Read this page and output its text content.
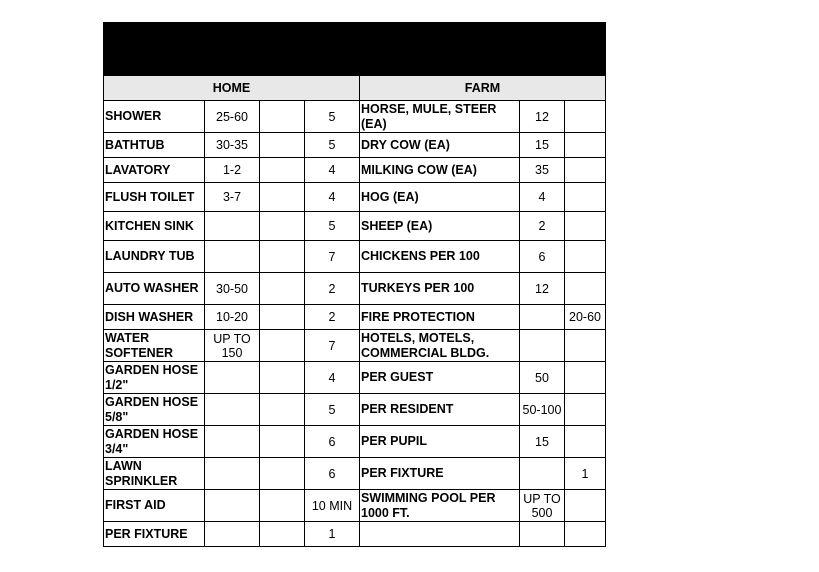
Item	Gal Per Usage	Gal Per Day	Flow Rate GPM	Item	Gal Per Day	Flow Rate GPM
HOME				FARM		
SHOWER	25-60		5	HORSE, MULE, STEER (EA)	12	
BATHTUB	30-35		5	DRY COW (EA)	15	
LAVATORY	1-2		4	MILKING COW (EA)	35	
FLUSH TOILET	3-7		4	HOG (EA)	4	
KITCHEN SINK			5	SHEEP (EA)	2	
LAUNDRY TUB			7	CHICKENS PER 100	6	
AUTO WASHER	30-50		2	TURKEYS PER 100	12	
DISH WASHER	10-20		2	FIRE PROTECTION		20-60
WATER SOFTENER	UP TO 150		7	HOTELS, MOTELS, COMMERCIAL BLDG.		
GARDEN HOSE 1/2"			4	PER GUEST	50	
GARDEN HOSE 5/8"			5	PER RESIDENT	50-100	
GARDEN HOSE 3/4"			6	PER PUPIL	15	
LAWN SPRINKLER			6	PER FIXTURE		1
FIRST AID			10 MIN	SWIMMING POOL PER 1000 FT.	UP TO 500	
PER FIXTURE			1			
